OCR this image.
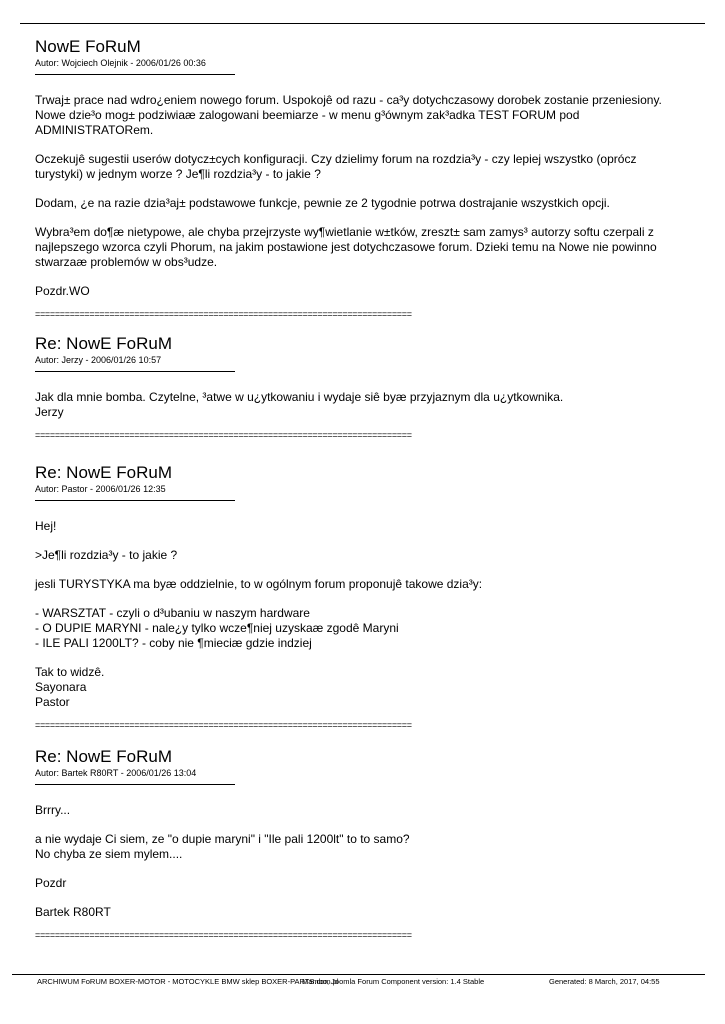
NowE FoRuM
Autor: Wojciech Olejnik - 2006/01/26 00:36

Trwaj± prace nad wdro¿eniem nowego forum. Uspokojê od razu - ca³y dotychczasowy dorobek zostanie przeniesiony.
Nowe dzie³o mog± podziwiaæ zalogowani beemiarze - w menu g³ównym zak³adka TEST FORUM pod
ADMINISTRATORem.

Oczekujê sugestii userów dotycz±cych konfiguracji. Czy dzielimy forum na rozdzia³y - czy lepiej wszystko (oprócz
turystyki) w jednym worze ? Je¶li rozdzia³y - to jakie ?

Dodam, ¿e na razie dzia³aj± podstawowe funkcje, pewnie ze 2 tygodnie potrwa dostrajanie wszystkich opcji.

Wybra³em do¶æ nietypowe, ale chyba przejrzyste wy¶wietlanie w±tków, zreszt± sam zamys³ autorzy softu czerpali z
najlepszego wzorca czyli Phorum, na jakim postawione jest dotychczasowe forum. Dzieki temu na Nowe nie powinno
stwarzaæ problemów w obs³udze.

Pozdr.WO

============================================================================
Re: NowE FoRuM
Autor: Jerzy - 2006/01/26 10:57

Jak dla mnie bomba. Czytelne, ³atwe w u¿ytkowaniu i wydaje siê byæ przyjaznym dla u¿ytkownika.
Jerzy

============================================================================
Re: NowE FoRuM
Autor: Pastor - 2006/01/26 12:35

Hej!

>Je¶li rozdzia³y - to jakie ?

jesli TURYSTYKA ma byæ oddzielnie, to w ogólnym forum proponujê takowe dzia³y:

- WARSZTAT - czyli o d³ubaniu w naszym hardware
- O DUPIE MARYNI - nale¿y tylko wcze¶niej uzyskaæ zgodê Maryni
- ILE PALI 1200LT? - coby nie ¶mieciæ gdzie indziej

Tak to widzê.
Sayonara
Pastor

============================================================================
Re: NowE FoRuM
Autor: Bartek R80RT - 2006/01/26 13:04

Brrry...

a nie wydaje Ci siem, ze "o dupie maryni" i "Ile pali 1200lt" to to samo?
No chyba ze siem mylem....

Pozdr

Bartek R80RT

============================================================================
ARCHIWUM FoRUM BOXER-MOTOR - MOTOCYKLE BMW sklep BOXER-PARTS.com.pl
Mambo, Joomla Forum Component version: 1.4 Stable	Generated: 8 March, 2017, 04:55
